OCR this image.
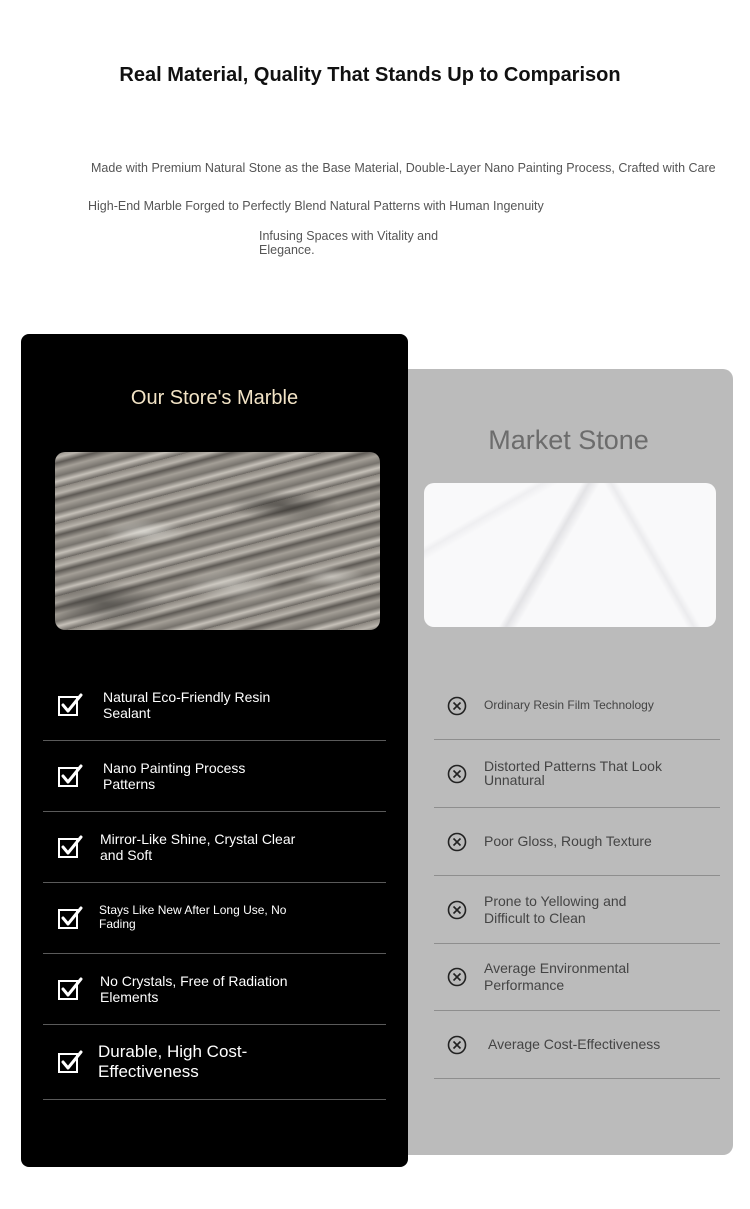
Real Material, Quality That Stands Up to Comparison
Made with Premium Natural Stone as the Base Material, Double-Layer Nano Painting Process, Crafted with Care
High-End Marble Forged to Perfectly Blend Natural Patterns with Human Ingenuity
Infusing Spaces with Vitality and Elegance.
Market Stone
Ordinary Resin Film Technology
Distorted Patterns That Look Unnatural
Poor Gloss, Rough Texture
Prone to Yellowing and Difficult to Clean
Average Environmental Performance
Average Cost-Effectiveness
Our Store's Marble
Natural Eco-Friendly Resin Sealant
Nano Painting Process Patterns
Mirror-Like Shine, Crystal Clear and Soft
Stays Like New After Long Use, No Fading
No Crystals, Free of Radiation Elements
Durable, High Cost-Effectiveness
